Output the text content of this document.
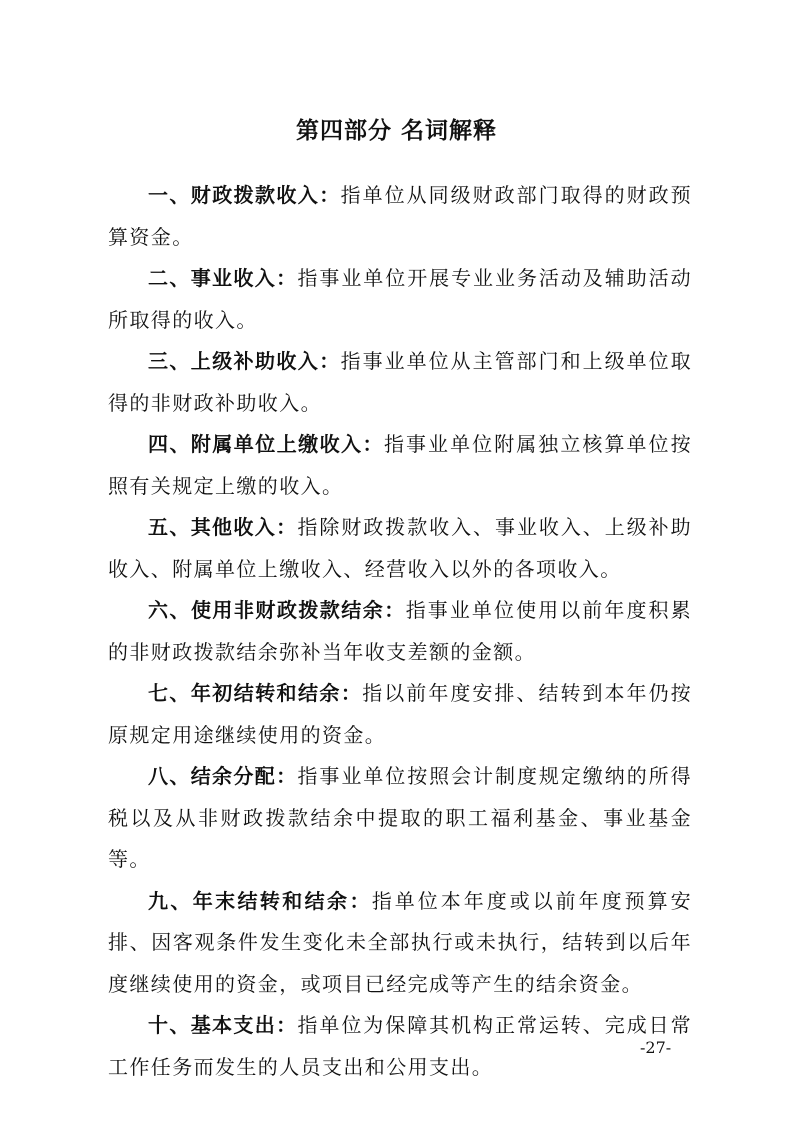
第四部分 名词解释

一、财政拨款收入：指单位从同级财政部门取得的财政预算资金。

二、事业收入：指事业单位开展专业业务活动及辅助活动所取得的收入。

三、上级补助收入：指事业单位从主管部门和上级单位取得的非财政补助收入。

四、附属单位上缴收入：指事业单位附属独立核算单位按照有关规定上缴的收入。

五、其他收入：指除财政拨款收入、事业收入、上级补助收入、附属单位上缴收入、经营收入以外的各项收入。

六、使用非财政拨款结余：指事业单位使用以前年度积累的非财政拨款结余弥补当年收支差额的金额。

七、年初结转和结余：指以前年度安排、结转到本年仍按原规定用途继续使用的资金。

八、结余分配：指事业单位按照会计制度规定缴纳的所得税以及从非财政拨款结余中提取的职工福利基金、事业基金等。

九、年末结转和结余：指单位本年度或以前年度预算安排、因客观条件发生变化未全部执行或未执行，结转到以后年度继续使用的资金，或项目已经完成等产生的结余资金。

十、基本支出：指单位为保障其机构正常运转、完成日常工作任务而发生的人员支出和公用支出。

-27-
